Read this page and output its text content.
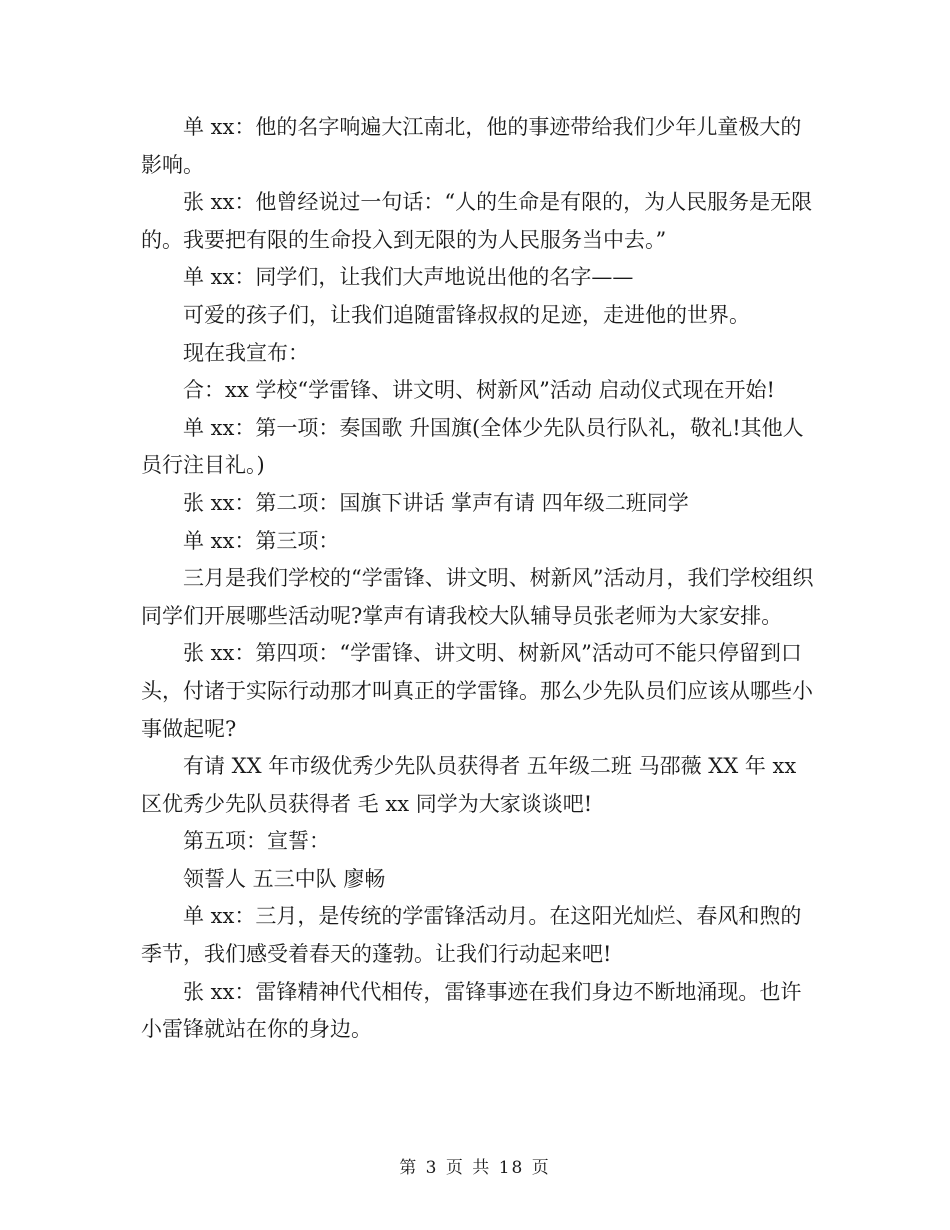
单 xx：他的名字响遍大江南北，他的事迹带给我们少年儿童极大的影响。

张 xx：他曾经说过一句话：“人的生命是有限的，为人民服务是无限的。我要把有限的生命投入到无限的为人民服务当中去。”

单 xx：同学们，让我们大声地说出他的名字——

可爱的孩子们，让我们追随雷锋叔叔的足迹，走进他的世界。

现在我宣布：

合：xx 学校“学雷锋、讲文明、树新风”活动 启动仪式现在开始!

单 xx：第一项：奏国歌 升国旗(全体少先队员行队礼，敬礼!其他人员行注目礼。)

张 xx：第二项：国旗下讲话 掌声有请 四年级二班同学

单 xx：第三项：

三月是我们学校的“学雷锋、讲文明、树新风”活动月，我们学校组织同学们开展哪些活动呢?掌声有请我校大队辅导员张老师为大家安排。

张 xx：第四项：“学雷锋、讲文明、树新风”活动可不能只停留到口头，付诸于实际行动那才叫真正的学雷锋。那么少先队员们应该从哪些小事做起呢?

有请 XX 年市级优秀少先队员获得者 五年级二班 马邵薇 XX 年 xx 区优秀少先队员获得者 毛 xx 同学为大家谈谈吧!

第五项：宣誓：

领誓人 五三中队 廖畅

单 xx：三月，是传统的学雷锋活动月。在这阳光灿烂、春风和煦的季节，我们感受着春天的蓬勃。让我们行动起来吧!

张 xx：雷锋精神代代相传，雷锋事迹在我们身边不断地涌现。也许小雷锋就站在你的身边。

第 3 页 共 18 页
